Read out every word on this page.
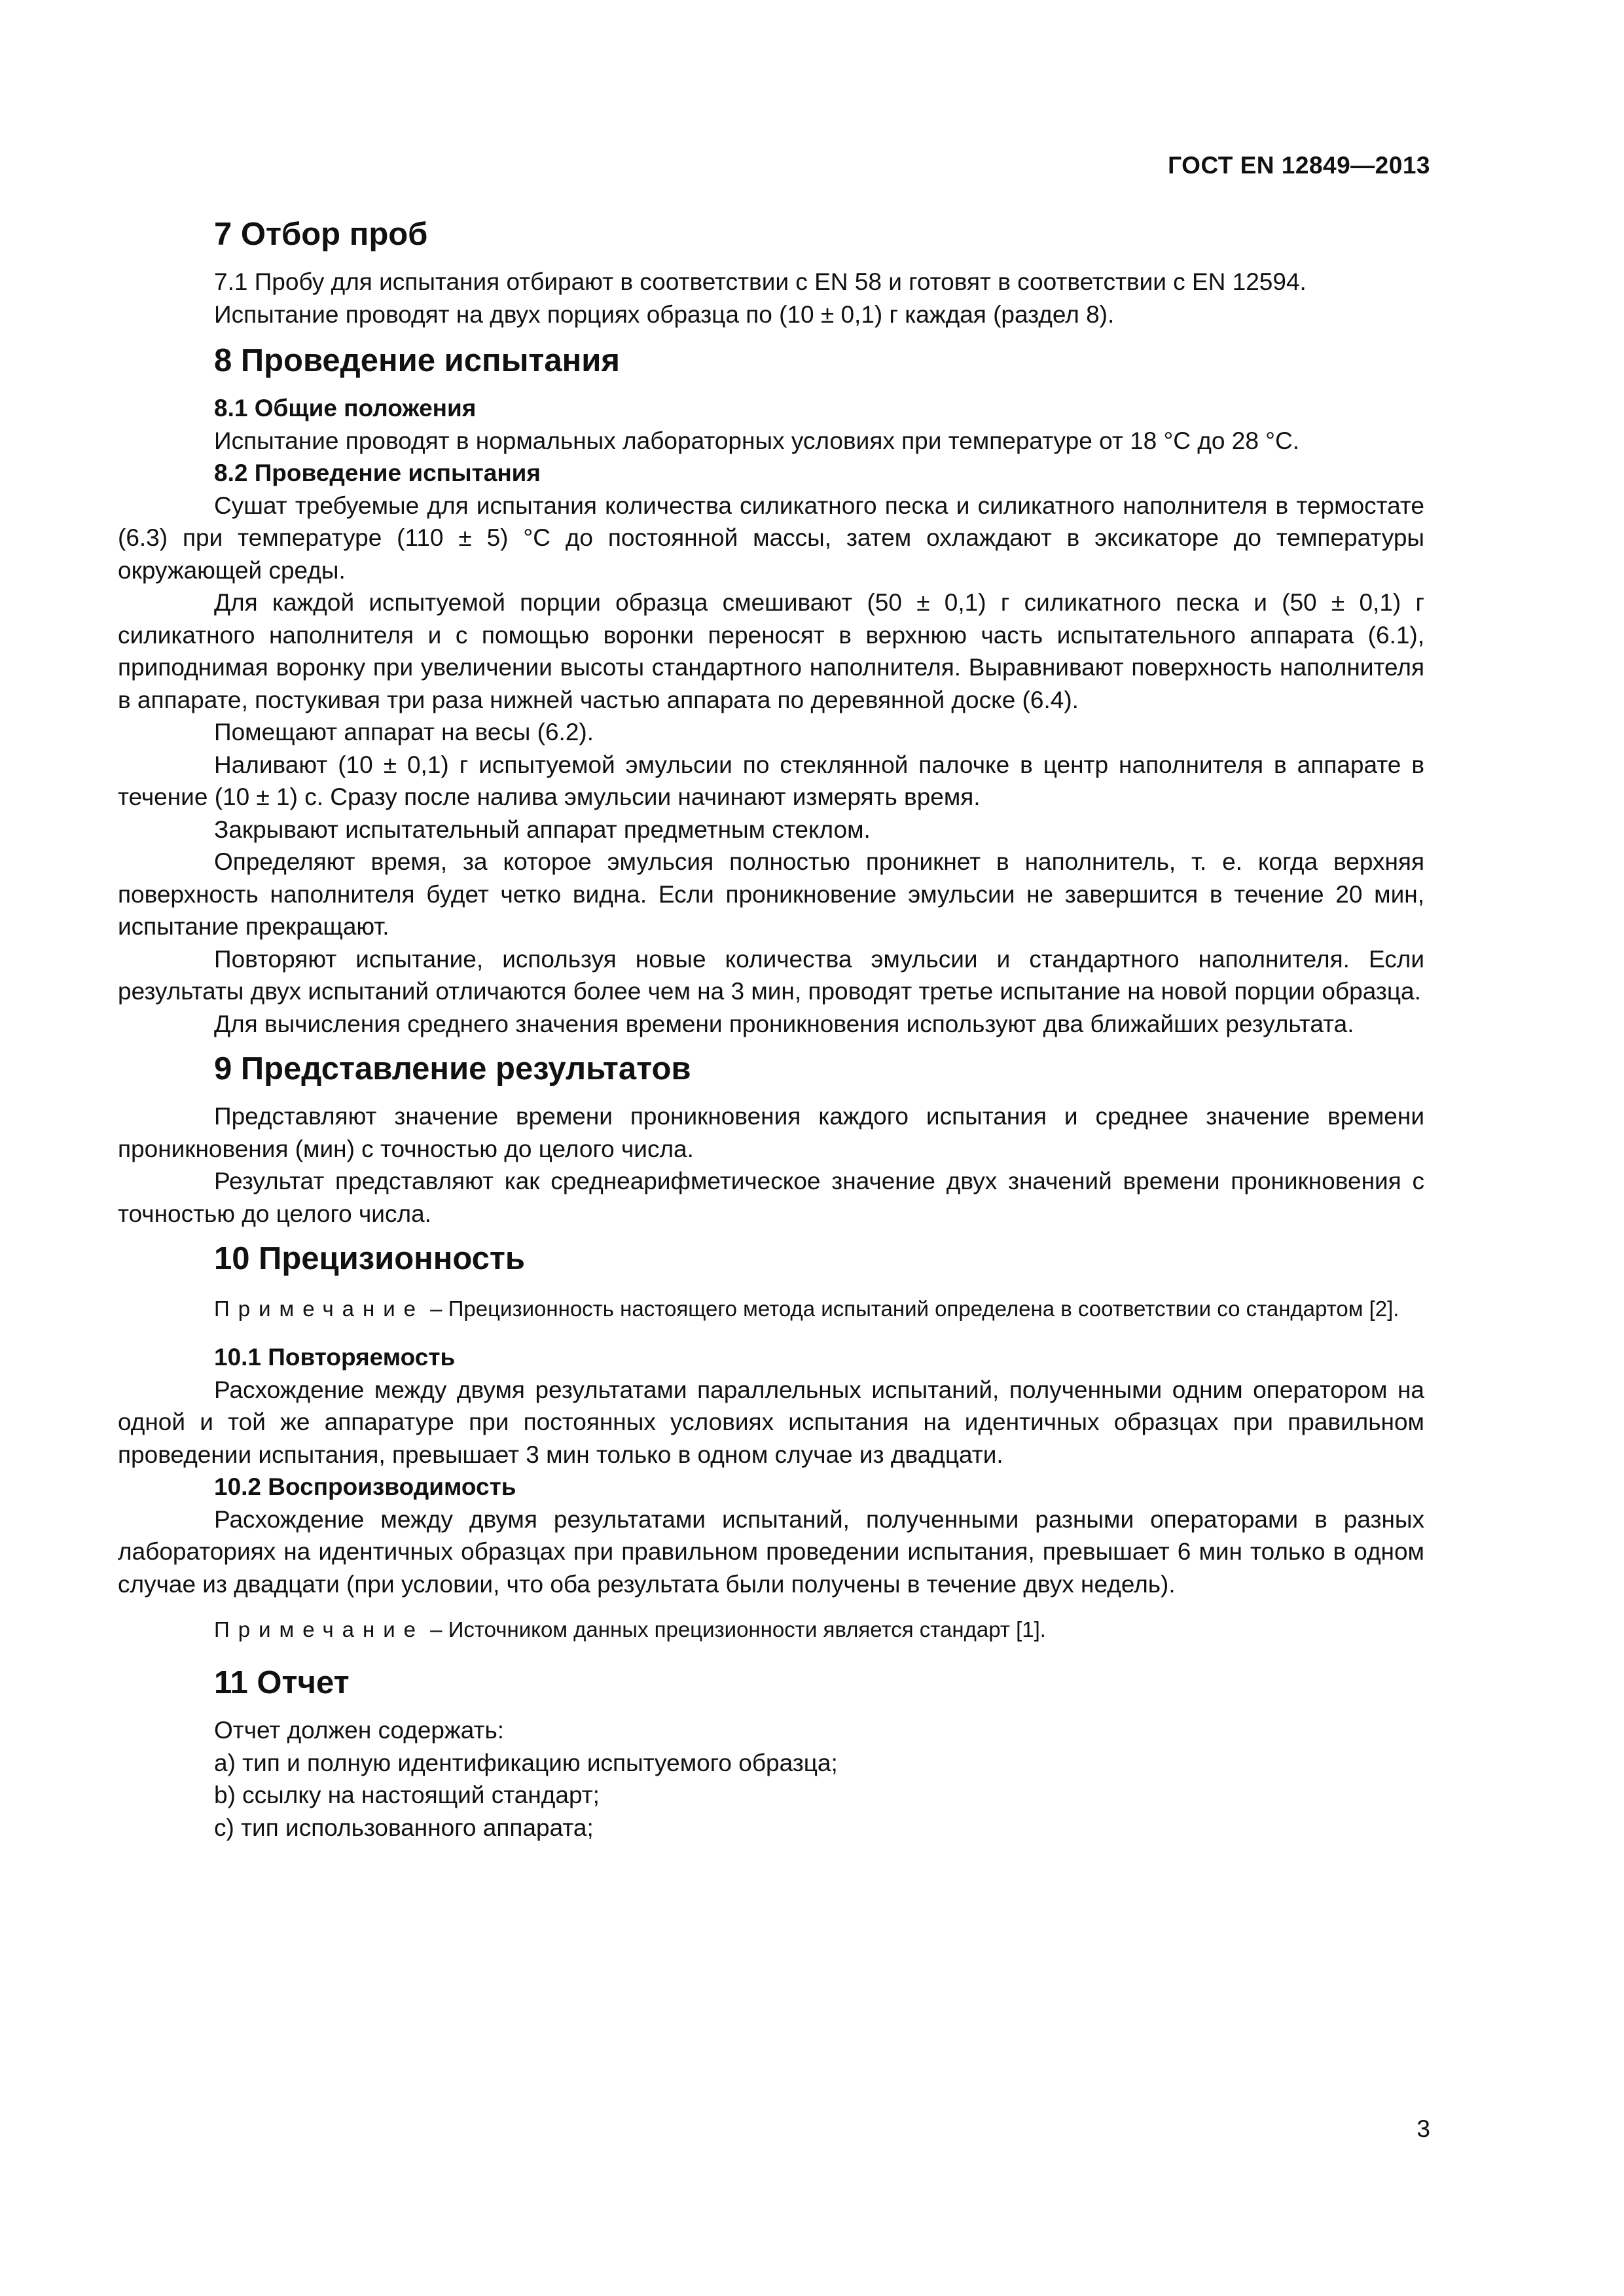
ГОСТ EN 12849—2013
7 Отбор проб

7.1 Пробу для испытания отбирают в соответствии с EN 58 и готовят в соответствии с EN 12594.

Испытание проводят на двух порциях образца по (10 ± 0,1) г каждая (раздел 8).

8 Проведение испытания
8.1 Общие положения

Испытание проводят в нормальных лабораторных условиях при температуре от 18 °С до 28 °С.

8.2 Проведение испытания

Сушат требуемые для испытания количества силикатного песка и силикатного наполнителя в термостате (6.3) при температуре (110 ± 5) °С до постоянной массы, затем охлаждают в эксикаторе до температуры окружающей среды.

Для каждой испытуемой порции образца смешивают (50 ± 0,1) г силикатного песка и (50 ± 0,1) г силикатного наполнителя и с помощью воронки переносят в верхнюю часть испытательного аппарата (6.1), приподнимая воронку при увеличении высоты стандартного наполнителя. Выравнивают поверхность наполнителя в аппарате, постукивая три раза нижней частью аппарата по деревянной доске (6.4).

Помещают аппарат на весы (6.2).

Наливают (10 ± 0,1) г испытуемой эмульсии по стеклянной палочке в центр наполнителя в аппарате в течение (10 ± 1) с. Сразу после налива эмульсии начинают измерять время.

Закрывают испытательный аппарат предметным стеклом.

Определяют время, за которое эмульсия полностью проникнет в наполнитель, т. е. когда верхняя поверхность наполнителя будет четко видна. Если проникновение эмульсии не завершится в течение 20 мин, испытание прекращают.

Повторяют испытание, используя новые количества эмульсии и стандартного наполнителя. Если результаты двух испытаний отличаются более чем на 3 мин, проводят третье испытание на новой порции образца.

Для вычисления среднего значения времени проникновения используют два ближайших результата.

9 Представление результатов

Представляют значение времени проникновения каждого испытания и среднее значение времени проникновения (мин) с точностью до целого числа.

Результат представляют как среднеарифметическое значение двух значений времени проникновения с точностью до целого числа.

10 Прецизионность
Примечание – Прецизионность настоящего метода испытаний определена в соответствии со стандартом [2].
10.1 Повторяемость

Расхождение между двумя результатами параллельных испытаний, полученными одним оператором на одной и той же аппаратуре при постоянных условиях испытания на идентичных образцах при правильном проведении испытания, превышает 3 мин только в одном случае из двадцати.

10.2 Воспроизводимость

Расхождение между двумя результатами испытаний, полученными разными операторами в разных лабораториях на идентичных образцах при правильном проведении испытания, превышает 6 мин только в одном случае из двадцати (при условии, что оба результата были получены в течение двух недель).

Примечание – Источником данных прецизионности является стандарт [1].
11 Отчет
Отчет должен содержать:
a) тип и полную идентификацию испытуемого образца;
b) ссылку на настоящий стандарт;
c) тип использованного аппарата;
3
